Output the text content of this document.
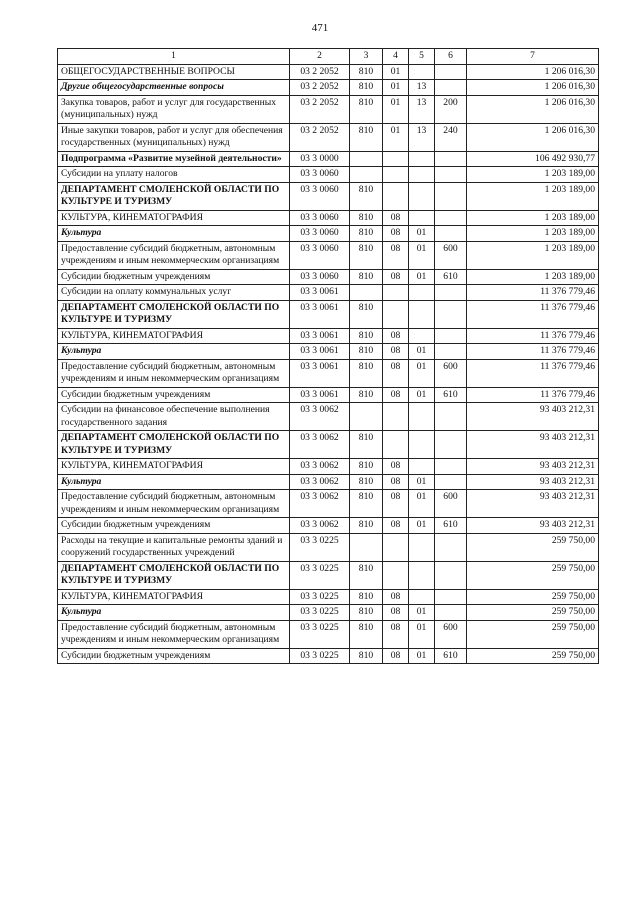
471
1	2	3	4	5	6	7
ОБЩЕГОСУДАРСТВЕННЫЕ ВОПРОСЫ	03 2 2052	810	01			1 206 016,30
Другие общегосударственные вопросы	03 2 2052	810	01	13		1 206 016,30
Закупка товаров, работ и услуг для государственных (муниципальных) нужд	03 2 2052	810	01	13	200	1 206 016,30
Иные закупки товаров, работ и услуг для обеспечения государственных (муниципальных) нужд	03 2 2052	810	01	13	240	1 206 016,30
Подпрограмма «Развитие музейной деятельности»	03 3 0000					106 492 930,77
Субсидии на уплату налогов	03 3 0060					1 203 189,00
ДЕПАРТАМЕНТ СМОЛЕНСКОЙ ОБЛАСТИ ПО КУЛЬТУРЕ И ТУРИЗМУ	03 3 0060	810				1 203 189,00
КУЛЬТУРА, КИНЕМАТОГРАФИЯ	03 3 0060	810	08			1 203 189,00
Культура	03 3 0060	810	08	01		1 203 189,00
Предоставление субсидий бюджетным, автономным учреждениям и иным некоммерческим организациям	03 3 0060	810	08	01	600	1 203 189,00
Субсидии бюджетным учреждениям	03 3 0060	810	08	01	610	1 203 189,00
Субсидии на оплату коммунальных услуг	03 3 0061					11 376 779,46
ДЕПАРТАМЕНТ СМОЛЕНСКОЙ ОБЛАСТИ ПО КУЛЬТУРЕ И ТУРИЗМУ	03 3 0061	810				11 376 779,46
КУЛЬТУРА, КИНЕМАТОГРАФИЯ	03 3 0061	810	08			11 376 779,46
Культура	03 3 0061	810	08	01		11 376 779,46
Предоставление субсидий бюджетным, автономным учреждениям и иным некоммерческим организациям	03 3 0061	810	08	01	600	11 376 779,46
Субсидии бюджетным учреждениям	03 3 0061	810	08	01	610	11 376 779,46
Субсидии на финансовое обеспечение выполнения государственного задания	03 3 0062					93 403 212,31
ДЕПАРТАМЕНТ СМОЛЕНСКОЙ ОБЛАСТИ ПО КУЛЬТУРЕ И ТУРИЗМУ	03 3 0062	810				93 403 212,31
КУЛЬТУРА, КИНЕМАТОГРАФИЯ	03 3 0062	810	08			93 403 212,31
Культура	03 3 0062	810	08	01		93 403 212,31
Предоставление субсидий бюджетным, автономным учреждениям и иным некоммерческим организациям	03 3 0062	810	08	01	600	93 403 212,31
Субсидии бюджетным учреждениям	03 3 0062	810	08	01	610	93 403 212,31
Расходы на текущие и капитальные ремонты зданий и сооружений государственных учреждений	03 3 0225					259 750,00
ДЕПАРТАМЕНТ СМОЛЕНСКОЙ ОБЛАСТИ ПО КУЛЬТУРЕ И ТУРИЗМУ	03 3 0225	810				259 750,00
КУЛЬТУРА, КИНЕМАТОГРАФИЯ	03 3 0225	810	08			259 750,00
Культура	03 3 0225	810	08	01		259 750,00
Предоставление субсидий бюджетным, автономным учреждениям и иным некоммерческим организациям	03 3 0225	810	08	01	600	259 750,00
Субсидии бюджетным учреждениям	03 3 0225	810	08	01	610	259 750,00
